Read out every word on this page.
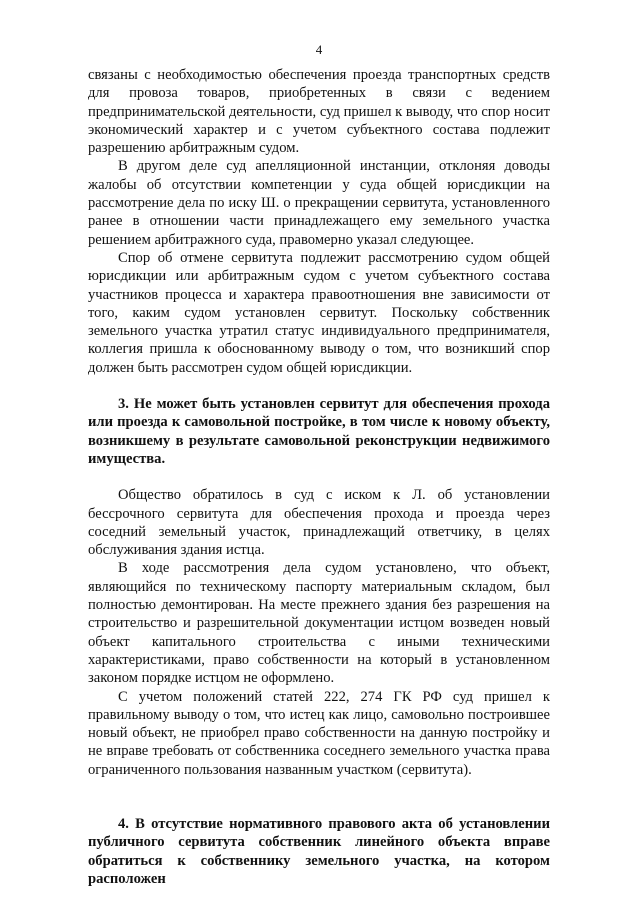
4

связаны с необходимостью обеспечения проезда транспортных средств для провоза товаров, приобретенных в связи с ведением предпринимательской деятельности, суд пришел к выводу, что спор носит экономический характер и с учетом субъектного состава подлежит разрешению арбитражным судом.

В другом деле суд апелляционной инстанции, отклоняя доводы жалобы об отсутствии компетенции у суда общей юрисдикции на рассмотрение дела по иску Ш. о прекращении сервитута, установленного ранее в отношении части принадлежащего ему земельного участка решением арбитражного суда, правомерно указал следующее.

Спор об отмене сервитута подлежит рассмотрению судом общей юрисдикции или арбитражным судом с учетом субъектного состава участников процесса и характера правоотношения вне зависимости от того, каким судом установлен сервитут. Поскольку собственник земельного участка утратил статус индивидуального предпринимателя, коллегия пришла к обоснованному выводу о том, что возникший спор должен быть рассмотрен судом общей юрисдикции.

3. Не может быть установлен сервитут для обеспечения прохода или проезда к самовольной постройке, в том числе к новому объекту, возникшему в результате самовольной реконструкции недвижимого имущества.

Общество обратилось в суд с иском к Л. об установлении бессрочного сервитута для обеспечения прохода и проезда через соседний земельный участок, принадлежащий ответчику, в целях обслуживания здания истца.

В ходе рассмотрения дела судом установлено, что объект, являющийся по техническому паспорту материальным складом, был полностью демонтирован. На месте прежнего здания без разрешения на строительство и разрешительной документации истцом возведен новый объект капитального строительства с иными техническими характеристиками, право собственности на который в установленном законом порядке истцом не оформлено.

С учетом положений статей 222, 274 ГК РФ суд пришел к правильному выводу о том, что истец как лицо, самовольно построившее новый объект, не приобрел право собственности на данную постройку и не вправе требовать от собственника соседнего земельного участка права ограниченного пользования названным участком (сервитута).

4. В отсутствие нормативного правового акта об установлении публичного сервитута собственник линейного объекта вправе обратиться к собственнику земельного участка, на котором расположен
